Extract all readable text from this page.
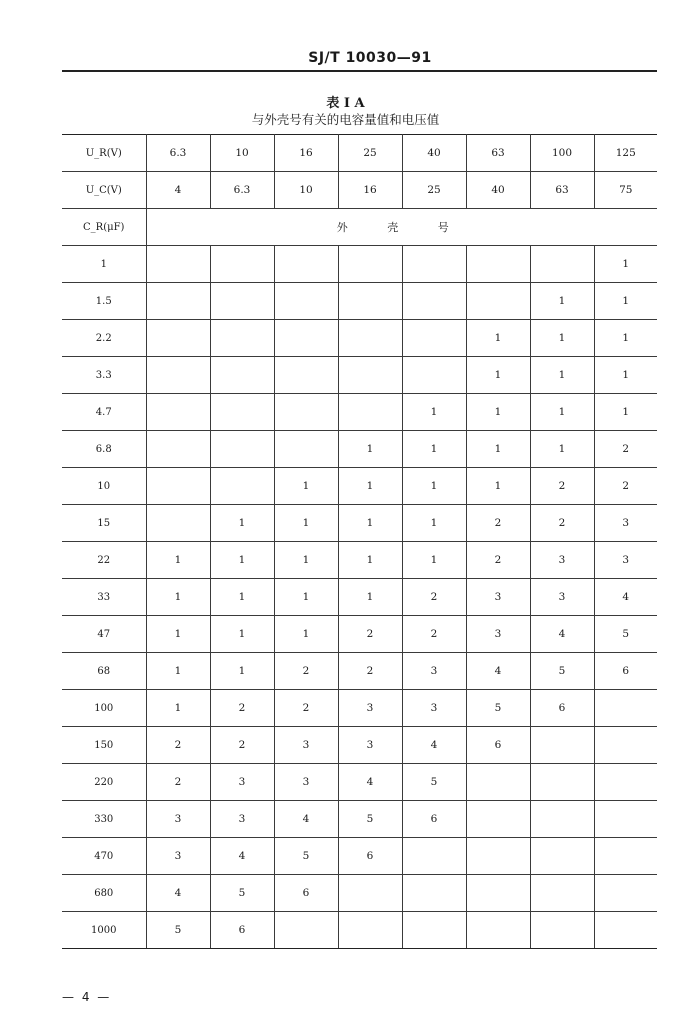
SJ/T 10030—91
表 I A
与外壳号有关的电容量值和电压值
U_R(V)	6.3	10	16	25	40	63	100	125
U_C(V)	4	6.3	10	16	25	40	63	75
C_R(μF)	外 壳 号							
1								1
1.5							1	1
2.2						1	1	1
3.3						1	1	1
4.7					1	1	1	1
6.8				1	1	1	1	2
10			1	1	1	1	2	2
15		1	1	1	1	2	2	3
22	1	1	1	1	1	2	3	3
33	1	1	1	1	2	3	3	4
47	1	1	1	2	2	3	4	5
68	1	1	2	2	3	4	5	6
100	1	2	2	3	3	5	6	
150	2	2	3	3	4	6		
220	2	3	3	4	5			
330	3	3	4	5	6			
470	3	4	5	6				
680	4	5	6					
1000	5	6						
— 4 —
